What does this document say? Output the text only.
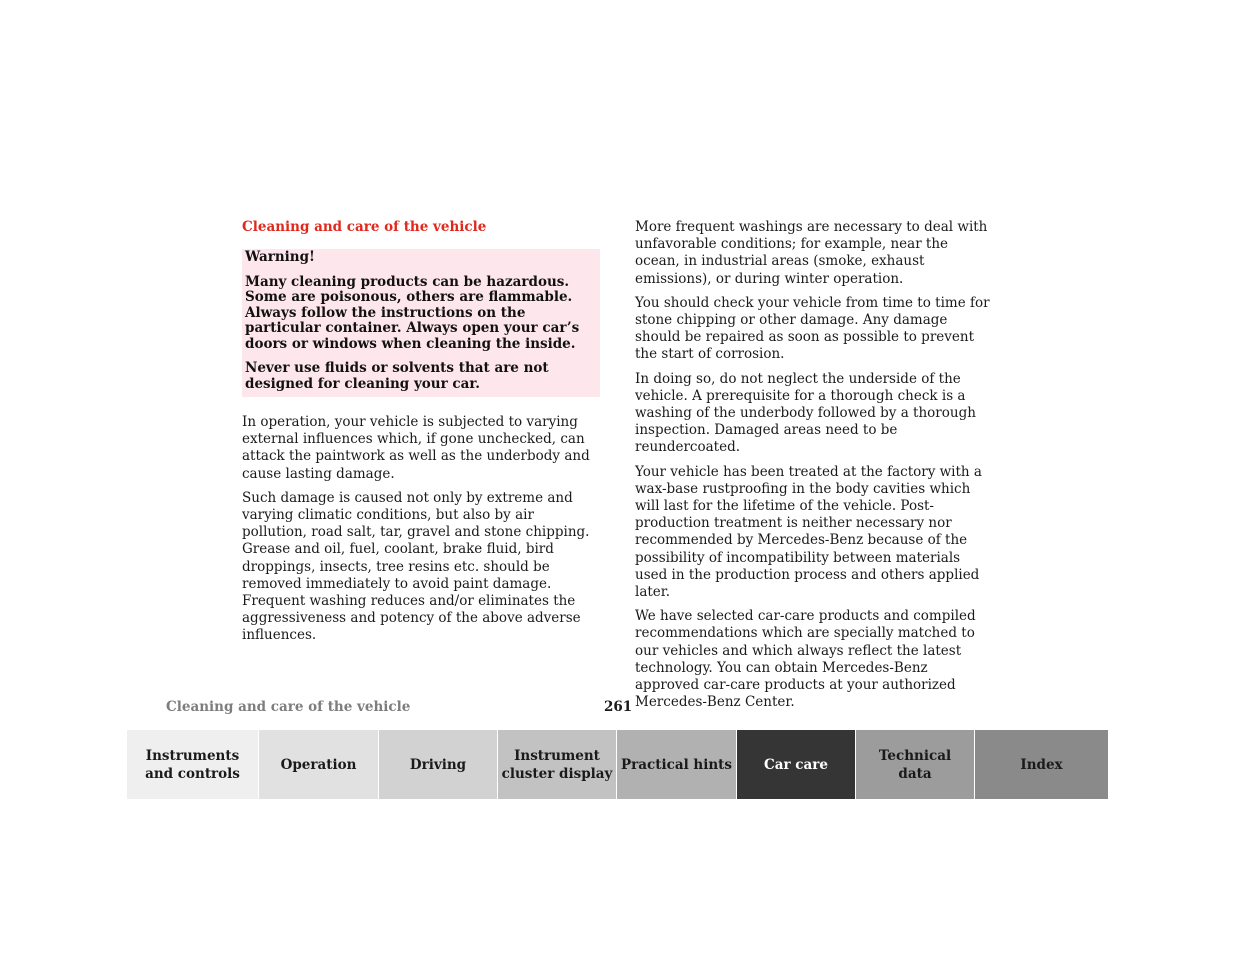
Cleaning and care of the vehicle

Warning!

Many cleaning products can be hazardous. Some are poisonous, others are flammable. Always follow the instructions on the particular container. Always open your car’s doors or windows when cleaning the inside.

Never use fluids or solvents that are not designed for cleaning your car.

In operation, your vehicle is subjected to varying external influences which, if gone unchecked, can attack the paintwork as well as the underbody and cause lasting damage.

Such damage is caused not only by extreme and varying climatic conditions, but also by air pollution, road salt, tar, gravel and stone chipping. Grease and oil, fuel, coolant, brake fluid, bird droppings, insects, tree resins etc. should be removed immediately to avoid paint damage. Frequent washing reduces and/or eliminates the aggressiveness and potency of the above adverse influences.

More frequent washings are necessary to deal with unfavorable conditions; for example, near the ocean, in industrial areas (smoke, exhaust emissions), or during winter operation.

You should check your vehicle from time to time for stone chipping or other damage. Any damage should be repaired as soon as possible to prevent the start of corrosion.

In doing so, do not neglect the underside of the vehicle. A prerequisite for a thorough check is a washing of the underbody followed by a thorough inspection. Damaged areas need to be reundercoated.

Your vehicle has been treated at the factory with a wax-base rustproofing in the body cavities which will last for the lifetime of the vehicle. Post-production treatment is neither necessary nor recommended by Mercedes-Benz because of the possibility of incompatibility between materials used in the production process and others applied later.

We have selected car-care products and compiled recommendations which are specially matched to our vehicles and which always reflect the latest technology. You can obtain Mercedes-Benz approved car-care products at your authorized Mercedes-Benz Center.

Cleaning and care of the vehicle	261
Instruments
and controls
Operation	Driving
Instrument
cluster display
Practical hints Car care
Technical
data
Index
